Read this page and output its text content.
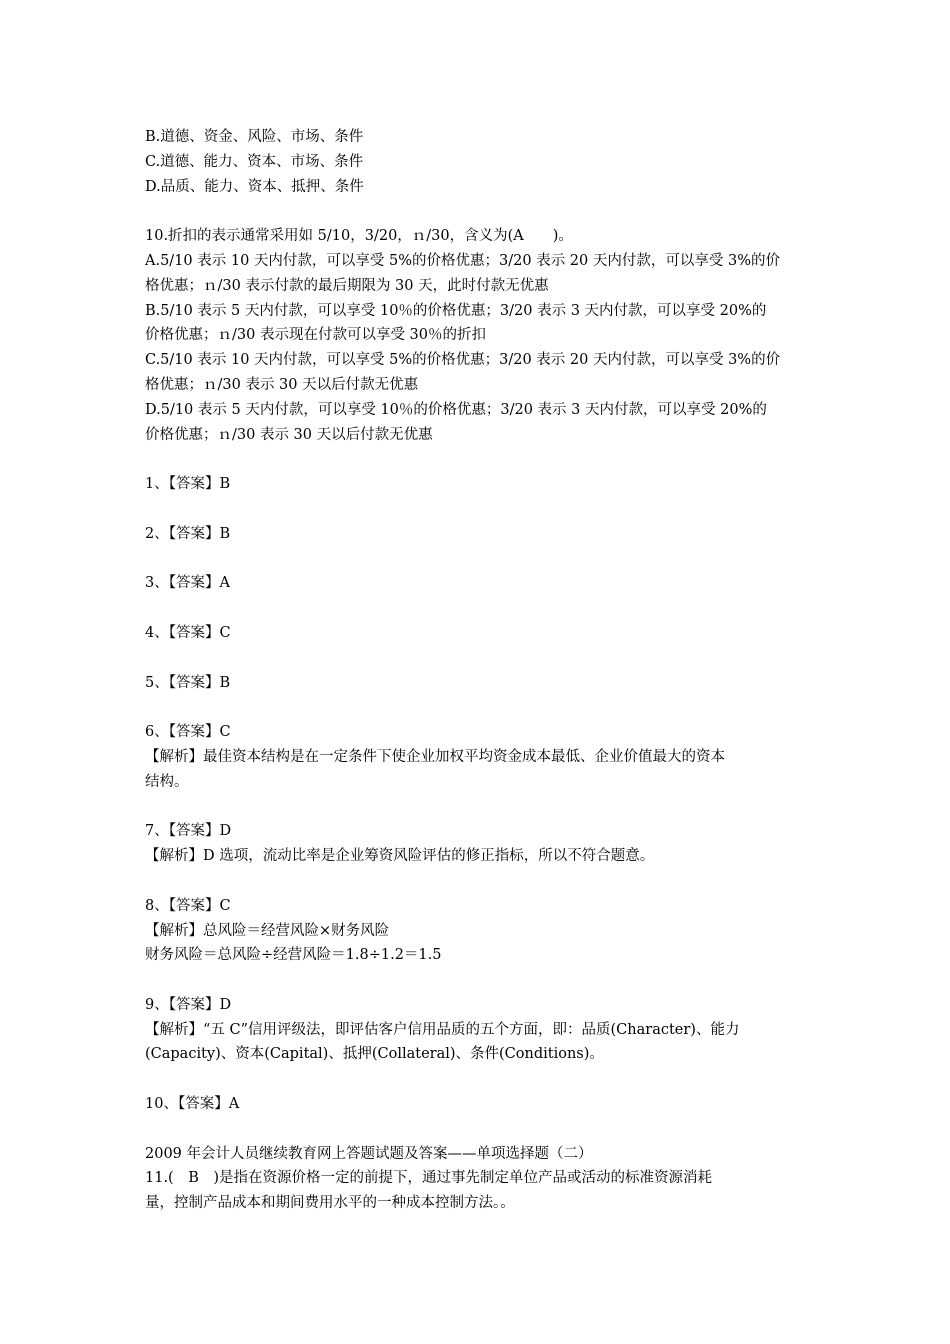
B.道德、资金、风险、市场、条件
C.道德、能力、资本、市场、条件
D.品质、能力、资本、抵押、条件
10.折扣的表示通常采用如 5/10，3/20，ｎ/30，含义为(A　　)。
A.5/10 表示 10 天内付款，可以享受 5%的价格优惠；3/20 表示 20 天内付款，可以享受 3%的价
格优惠；ｎ/30 表示付款的最后期限为 30 天，此时付款无优惠
B.5/10 表示 5 天内付款，可以享受 10％的价格优惠；3/20 表示 3 天内付款，可以享受 20%的
价格优惠；ｎ/30 表示现在付款可以享受 30％的折扣
C.5/10 表示 10 天内付款，可以享受 5%的价格优惠；3/20 表示 20 天内付款，可以享受 3%的价
格优惠；ｎ/30 表示 30 天以后付款无优惠
D.5/10 表示 5 天内付款，可以享受 10％的价格优惠；3/20 表示 3 天内付款，可以享受 20%的
价格优惠；ｎ/30 表示 30 天以后付款无优惠
1、【答案】B
2、【答案】B
3、【答案】A
4、【答案】C
5、【答案】B
6、【答案】C
【解析】最佳资本结构是在一定条件下使企业加权平均资金成本最低、企业价值最大的资本
结构。
7、【答案】D
【解析】D 选项，流动比率是企业筹资风险评估的修正指标，所以不符合题意。
8、【答案】C
【解析】总风险＝经营风险×财务风险
财务风险＝总风险÷经营风险＝1.8÷1.2＝1.5
9、【答案】D
【解析】“五 C”信用评级法，即评估客户信用品质的五个方面，即：品质(Character)、能力
(Capacity)、资本(Capital)、抵押(Collateral)、条件(Conditions)。
10、【答案】A
2009 年会计人员继续教育网上答题试题及答案——单项选择题（二）
11.(　B　)是指在资源价格一定的前提下，通过事先制定单位产品或活动的标准资源消耗
量，控制产品成本和期间费用水平的一种成本控制方法。。
